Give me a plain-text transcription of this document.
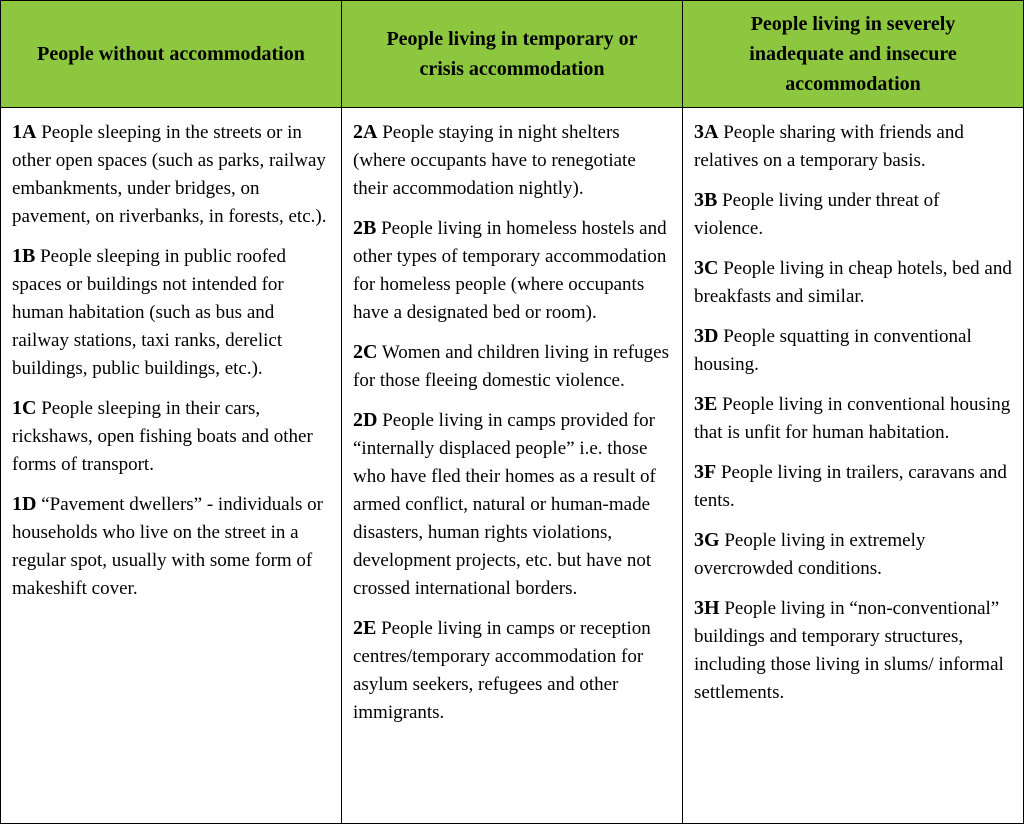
People without accommodation
People living in temporary or crisis accommodation
People living in severely inadequate and insecure accommodation
1A People sleeping in the streets or in other open spaces (such as parks, railway embankments, under bridges, on pavement, on riverbanks, in forests, etc.).
1B People sleeping in public roofed spaces or buildings not intended for human habitation (such as bus and railway stations, taxi ranks, derelict buildings, public buildings, etc.).
1C People sleeping in their cars, rickshaws, open fishing boats and other forms of transport.
1D “Pavement dwellers” - individuals or households who live on the street in a regular spot, usually with some form of makeshift cover.
2A People staying in night shelters (where occupants have to renegotiate their accommodation nightly).
2B People living in homeless hostels and other types of temporary accommodation for homeless people (where occupants have a designated bed or room).
2C Women and children living in refuges for those fleeing domestic violence.
2D People living in camps provided for “internally displaced people” i.e. those who have fled their homes as a result of armed conflict, natural or human-made disasters, human rights violations, development projects, etc. but have not crossed international borders.
2E People living in camps or reception centres/temporary accommodation for asylum seekers, refugees and other immigrants.
3A People sharing with friends and relatives on a temporary basis.
3B People living under threat of violence.
3C People living in cheap hotels, bed and breakfasts and similar.
3D People squatting in conventional housing.
3E People living in conventional housing that is unfit for human habitation.
3F People living in trailers, caravans and tents.
3G People living in extremely overcrowded conditions.
3H People living in “non-conventional” buildings and temporary structures, including those living in slums/ informal settlements.
